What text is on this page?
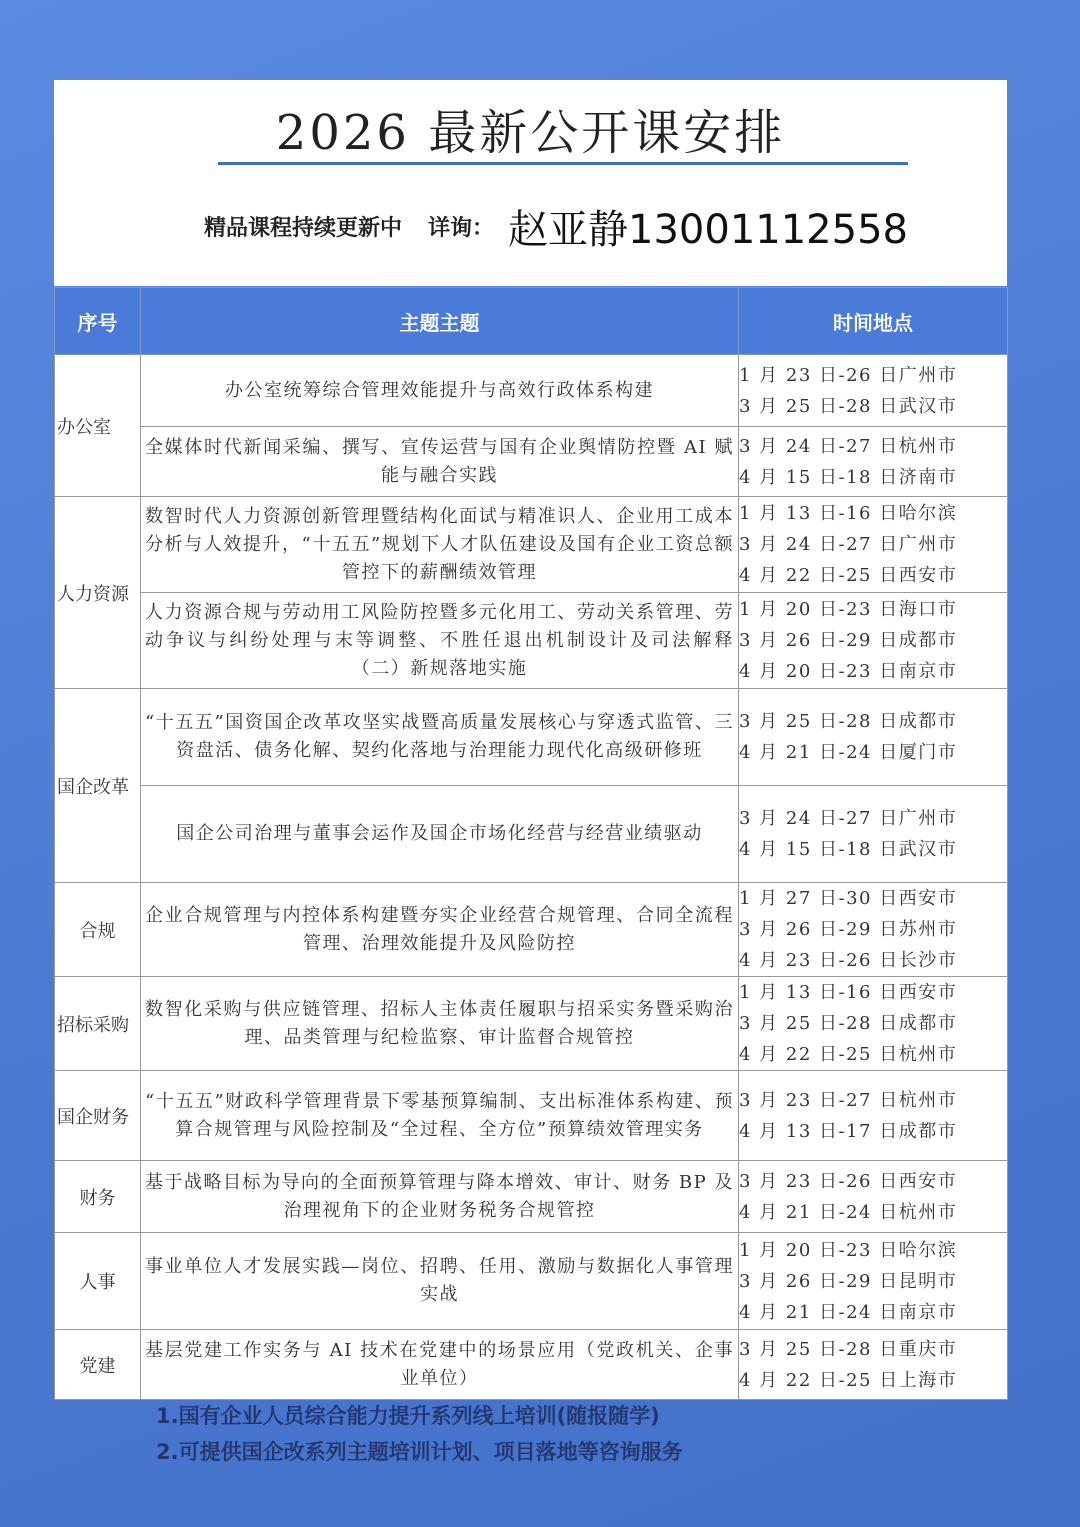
2026 最新公开课安排
精品课程持续更新中 详询： 赵亚静13001112558
序号	主题主题	时间地点
办公室	办公室统筹综合管理效能提升与高效行政体系构建	1 月 23 日-26 日广州市
3 月 25 日-28 日武汉市

	全媒体时代新闻采编、撰写、宣传运营与国有企业舆情防控暨 AI 赋能与融合实践	3 月 24 日-27 日杭州市
4 月 15 日-18 日济南市

人力资源	数智时代人力资源创新管理暨结构化面试与精准识人、企业用工成本分析与人效提升，“十五五”规划下人才队伍建设及国有企业工资总额管控下的薪酬绩效管理	1 月 13 日-16 日哈尔滨
3 月 24 日-27 日广州市
4 月 22 日-25 日西安市

	人力资源合规与劳动用工风险防控暨多元化用工、劳动关系管理、劳动争议与纠纷处理与末等调整、不胜任退出机制设计及司法解释（二）新规落地实施	1 月 20 日-23 日海口市
3 月 26 日-29 日成都市
4 月 20 日-23 日南京市

国企改革	“十五五”国资国企改革攻坚实战暨高质量发展核心与穿透式监管、三资盘活、债务化解、契约化落地与治理能力现代化高级研修班	3 月 25 日-28 日成都市
4 月 21 日-24 日厦门市

	国企公司治理与董事会运作及国企市场化经营与经营业绩驱动	3 月 24 日-27 日广州市
4 月 15 日-18 日武汉市

合规	企业合规管理与内控体系构建暨夯实企业经营合规管理、合同全流程管理、治理效能提升及风险防控	1 月 27 日-30 日西安市
3 月 26 日-29 日苏州市
4 月 23 日-26 日长沙市

招标采购	数智化采购与供应链管理、招标人主体责任履职与招采实务暨采购治理、品类管理与纪检监察、审计监督合规管控	1 月 13 日-16 日西安市
3 月 25 日-28 日成都市
4 月 22 日-25 日杭州市

国企财务	“十五五”财政科学管理背景下零基预算编制、支出标准体系构建、预算合规管理与风险控制及“全过程、全方位”预算绩效管理实务	3 月 23 日-27 日杭州市
4 月 13 日-17 日成都市

财务	基于战略目标为导向的全面预算管理与降本增效、审计、财务 BP 及治理视角下的企业财务税务合规管控	3 月 23 日-26 日西安市
4 月 21 日-24 日杭州市

人事	事业单位人才发展实践—岗位、招聘、任用、激励与数据化人事管理实战	1 月 20 日-23 日哈尔滨
3 月 26 日-29 日昆明市
4 月 21 日-24 日南京市

党建	基层党建工作实务与 AI 技术在党建中的场景应用（党政机关、企事业单位）	3 月 25 日-28 日重庆市
4 月 22 日-25 日上海市
1.国有企业人员综合能力提升系列线上培训(随报随学)
2.可提供国企改系列主题培训计划、项目落地等咨询服务
